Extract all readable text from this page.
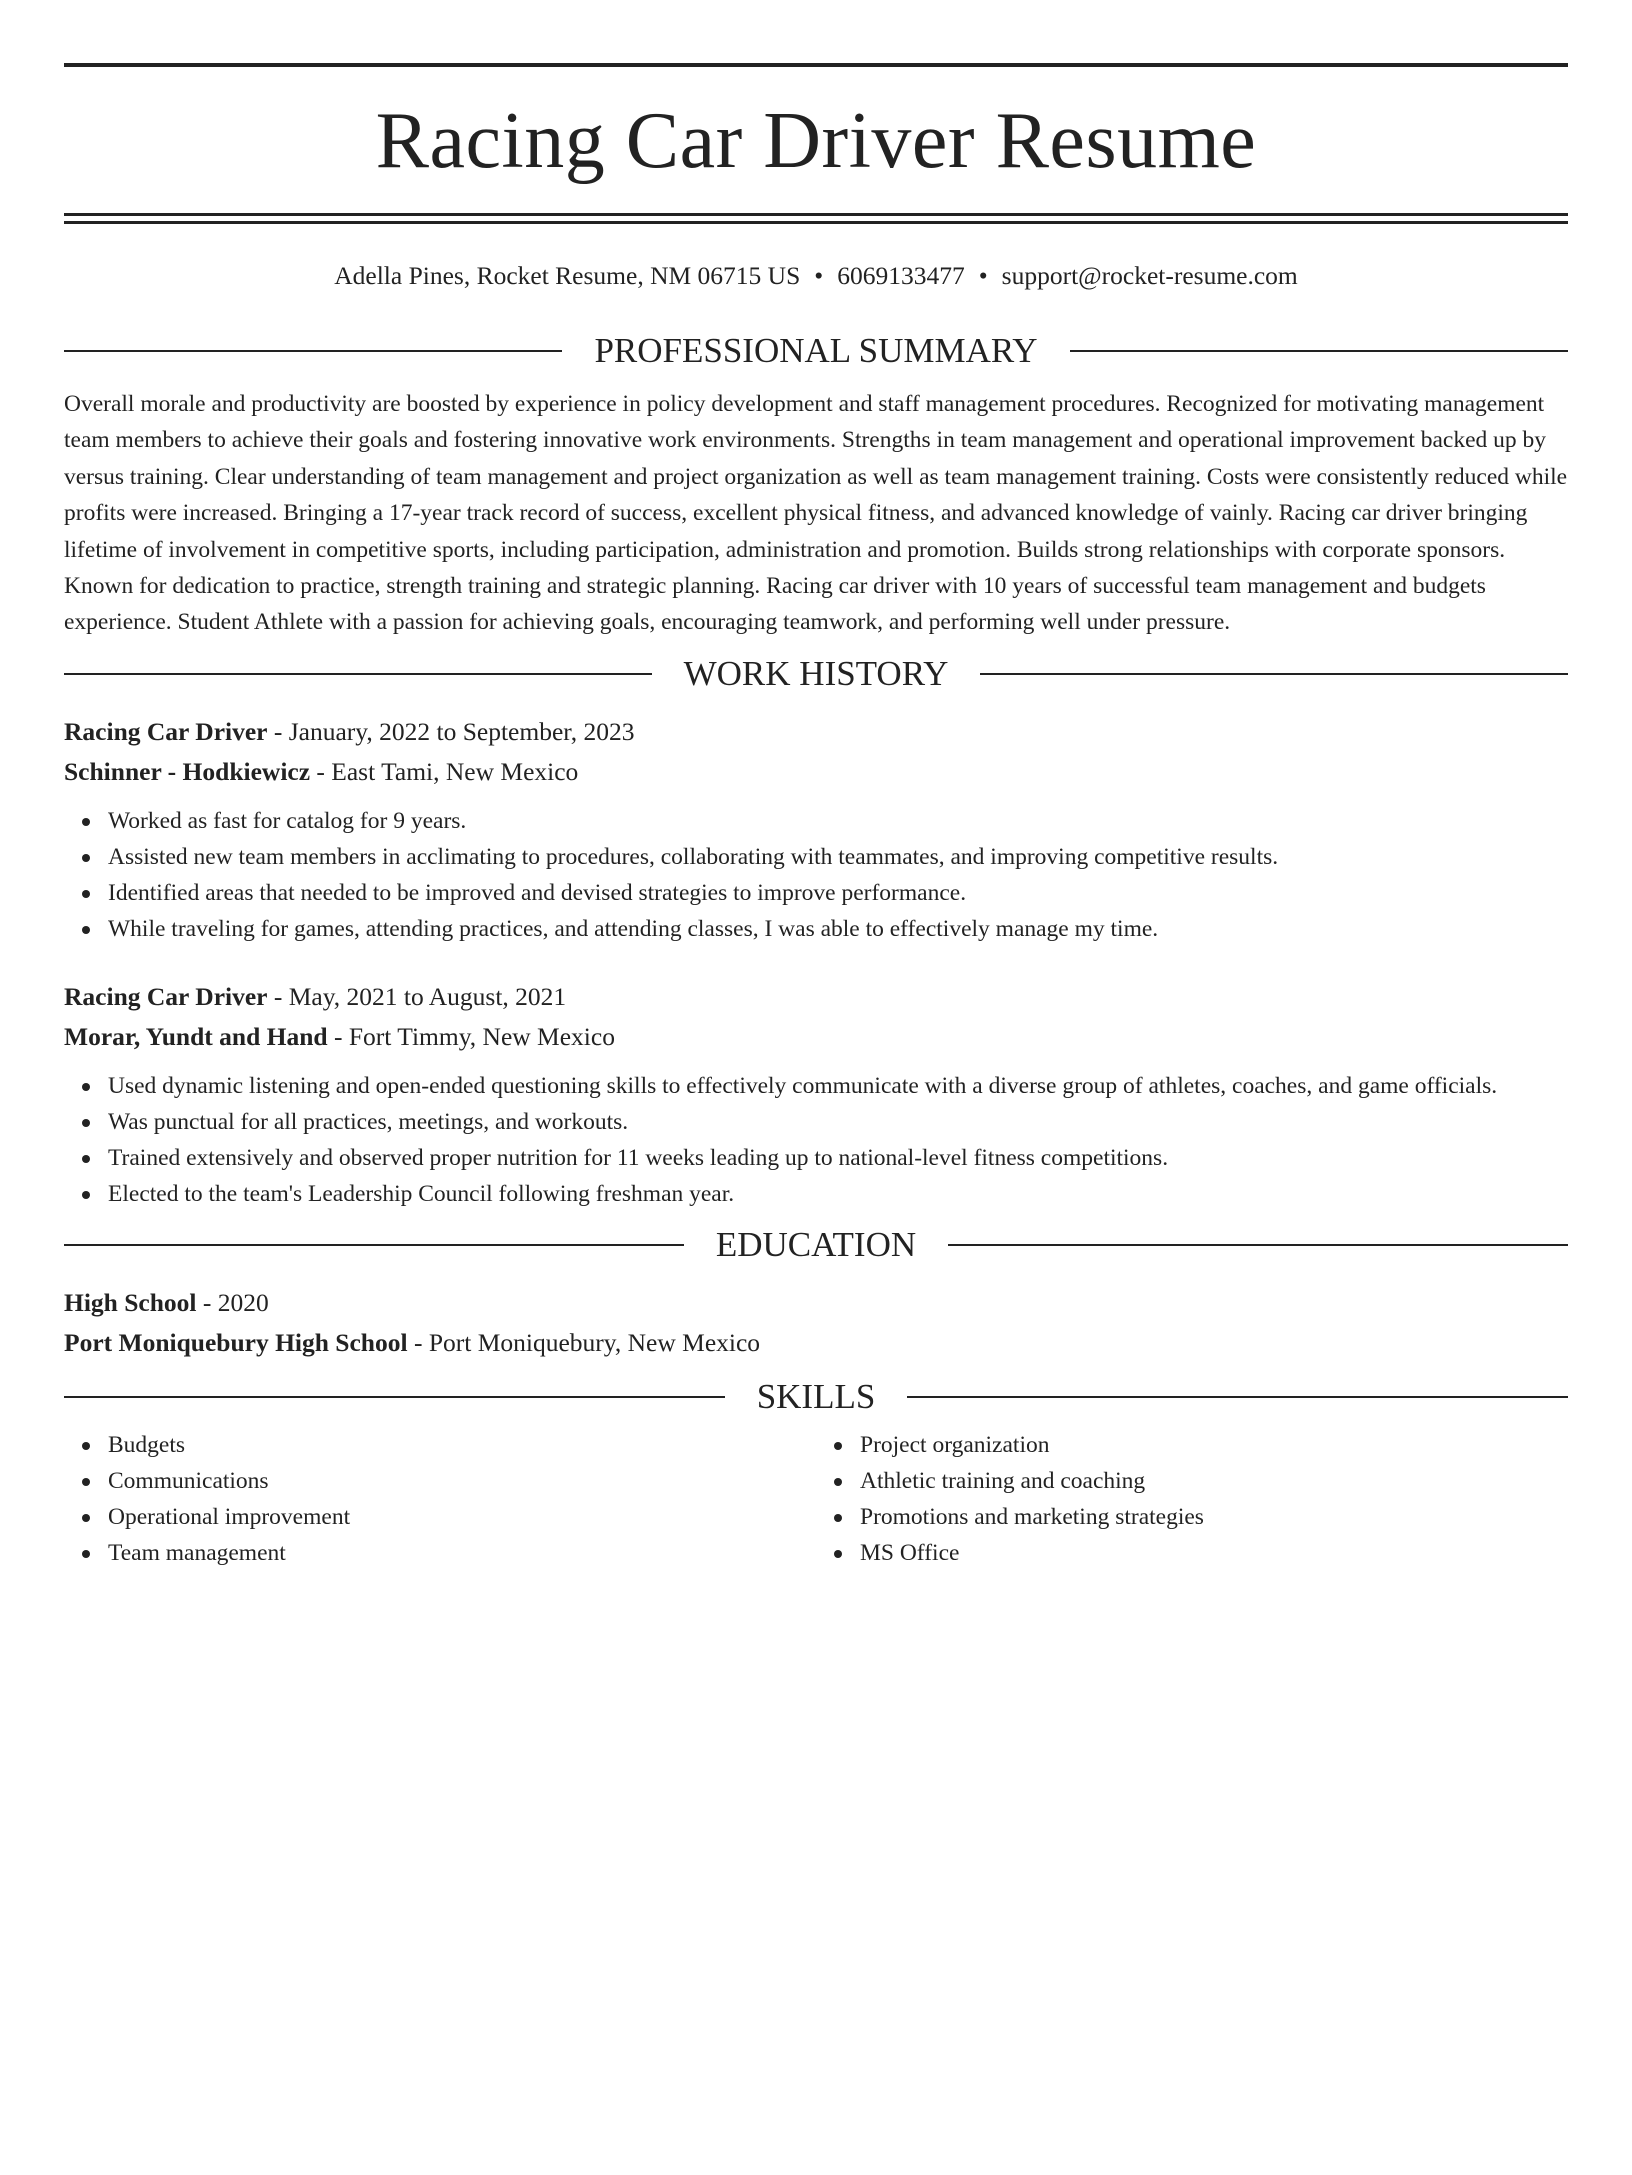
Racing Car Driver Resume
Adella Pines, Rocket Resume, NM 06715 US • 6069133477 • support@rocket-resume.com
PROFESSIONAL SUMMARY

Overall morale and productivity are boosted by experience in policy development and staff management procedures. Recognized for motivating management team members to achieve their goals and fostering innovative work environments. Strengths in team management and operational improvement backed up by versus training. Clear understanding of team management and project organization as well as team management training. Costs were consistently reduced while profits were increased. Bringing a 17-year track record of success, excellent physical fitness, and advanced knowledge of vainly. Racing car driver bringing lifetime of involvement in competitive sports, including participation, administration and promotion. Builds strong relationships with corporate sponsors. Known for dedication to practice, strength training and strategic planning. Racing car driver with 10 years of successful team management and budgets experience. Student Athlete with a passion for achieving goals, encouraging teamwork, and performing well under pressure.

WORK HISTORY

Racing Car Driver - January, 2022 to September, 2023

Schinner - Hodkiewicz - East Tami, New Mexico

Worked as fast for catalog for 9 years.
Assisted new team members in acclimating to procedures, collaborating with teammates, and improving competitive results.
Identified areas that needed to be improved and devised strategies to improve performance.
While traveling for games, attending practices, and attending classes, I was able to effectively manage my time.

Racing Car Driver - May, 2021 to August, 2021

Morar, Yundt and Hand - Fort Timmy, New Mexico

Used dynamic listening and open-ended questioning skills to effectively communicate with a diverse group of athletes, coaches, and game officials.
Was punctual for all practices, meetings, and workouts.
Trained extensively and observed proper nutrition for 11 weeks leading up to national-level fitness competitions.
Elected to the team's Leadership Council following freshman year.
EDUCATION

High School - 2020

Port Moniquebury High School - Port Moniquebury, New Mexico

SKILLS
Budgets
Communications
Operational improvement
Team management
Project organization
Athletic training and coaching
Promotions and marketing strategies
MS Office
